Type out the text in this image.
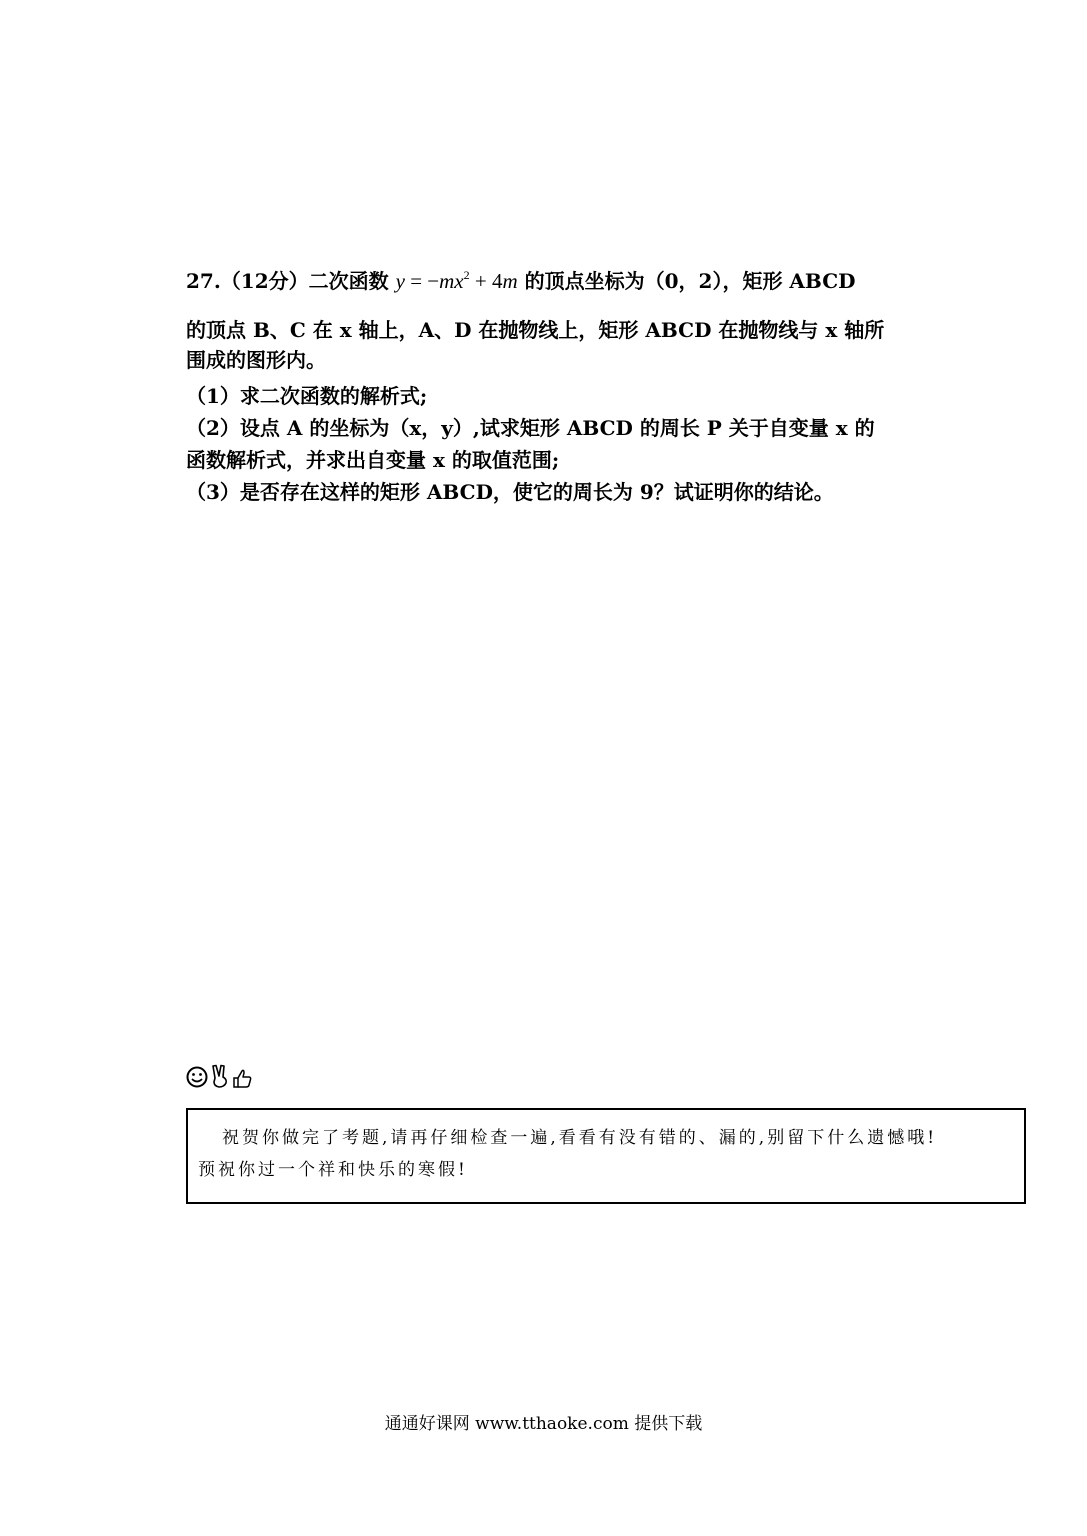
27.（12分）二次函数 $y = -mx^2 + 4m$ 的顶点坐标为（0，2），矩形 ABCD
的顶点 B、C 在 x 轴上，A、D 在抛物线上，矩形 ABCD 在抛物线与 x 轴所
围成的图形内。
（1）求二次函数的解析式;
（2）设点 A 的坐标为（x，y）,试求矩形 ABCD 的周长 P 关于自变量 x 的
函数解析式，并求出自变量 x 的取值范围;
（3）是否存在这样的矩形 ABCD，使它的周长为 9？试证明你的结论。
祝贺你做完了考题,请再仔细检查一遍,看看有没有错的、漏的,别留下什么遗憾哦!
预祝你过一个祥和快乐的寒假!
通通好课网 www.tthaoke.com 提供下载
